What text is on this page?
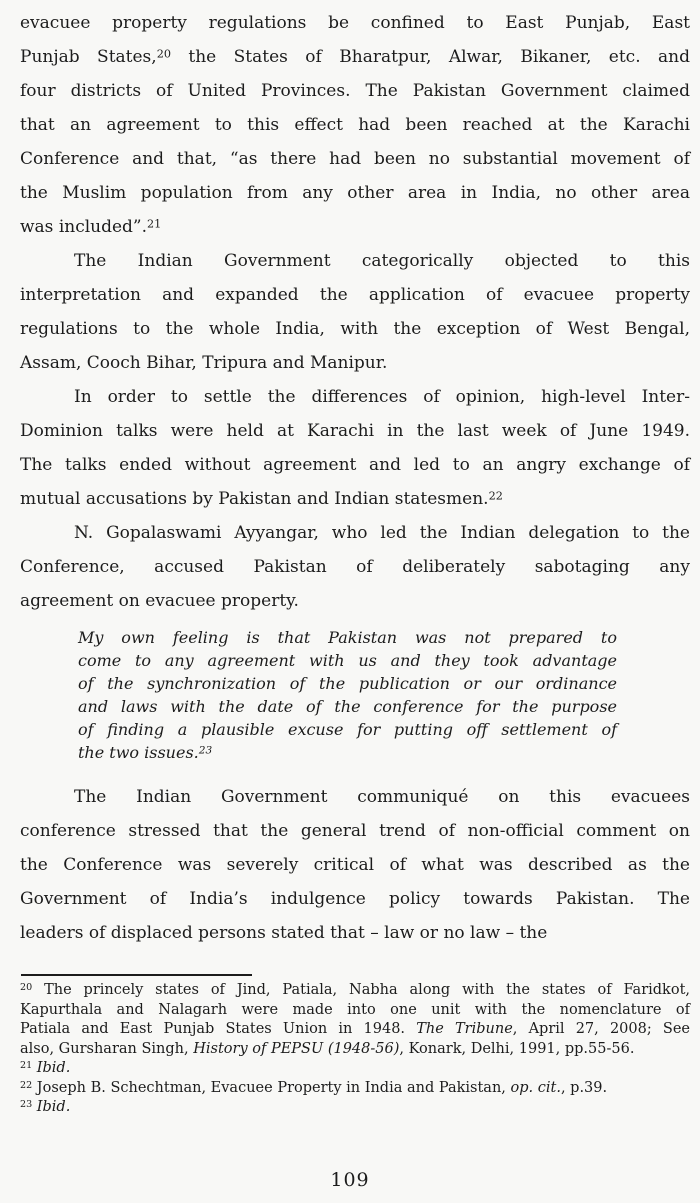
evacuee property regulations be confined to East Punjab, East
Punjab States,$^{20}$ the States of Bharatpur, Alwar, Bikaner, etc. and
four districts of United Provinces. The Pakistan Government claimed
that an agreement to this effect had been reached at the Karachi
Conference and that, “as there had been no substantial movement of
the Muslim population from any other area in India, no other area
was included”.$^{21}$
The Indian Government categorically objected to this
interpretation and expanded the application of evacuee property
regulations to the whole India, with the exception of West Bengal,
Assam, Cooch Bihar, Tripura and Manipur.
In order to settle the differences of opinion, high-level Inter-
Dominion talks were held at Karachi in the last week of June 1949.
The talks ended without agreement and led to an angry exchange of
mutual accusations by Pakistan and Indian statesmen.$^{22}$
N. Gopalaswami Ayyangar, who led the Indian delegation to the
Conference, accused Pakistan of deliberately sabotaging any
agreement on evacuee property.
My own feeling is that Pakistan was not prepared to
come to any agreement with us and they took advantage
of the synchronization of the publication or our ordinance
and laws with the date of the conference for the purpose
of finding a plausible excuse for putting off settlement of
the two issues.$^{23}$
The Indian Government communiqué on this evacuees
conference stressed that the general trend of non-official comment on
the Conference was severely critical of what was described as the
Government of India’s indulgence policy towards Pakistan. The
leaders of displaced persons stated that – law or no law – the
$^{20}$ The princely states of Jind, Patiala, Nabha along with the states of Faridkot,
Kapurthala and Nalagarh were made into one unit with the nomenclature of
Patiala and East Punjab States Union in 1948. The Tribune, April 27, 2008; See
also, Gursharan Singh, History of PEPSU (1948-56), Konark, Delhi, 1991, pp.55-56.
$^{21}$ Ibid.
$^{22}$ Joseph B. Schechtman, Evacuee Property in India and Pakistan, op. cit., p.39.
$^{23}$ Ibid.
109
